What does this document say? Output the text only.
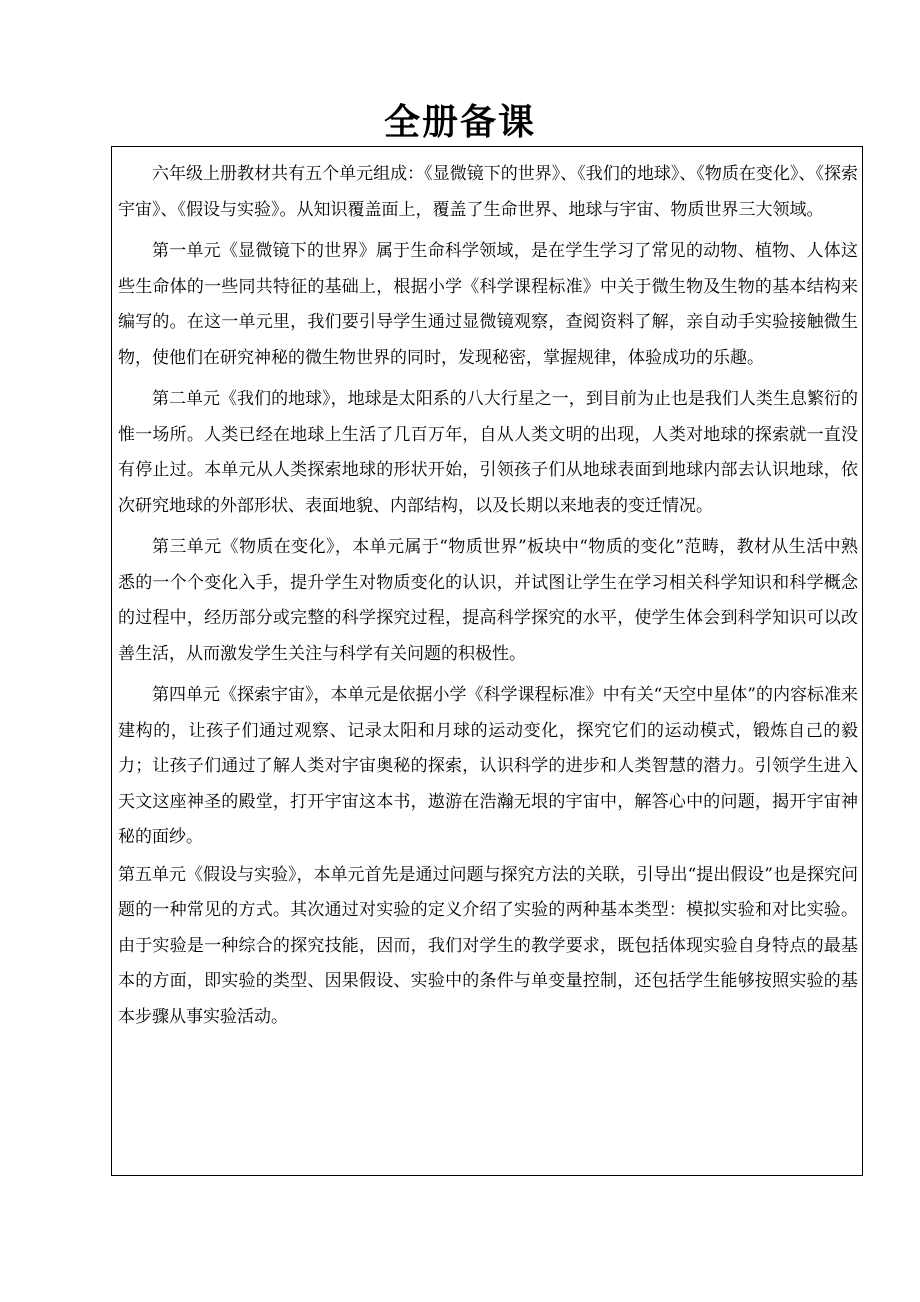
全册备课

六年级上册教材共有五个单元组成：《显微镜下的世界》、《我们的地球》、《物质在变化》、《探索宇宙》、《假设与实验》。从知识覆盖面上，覆盖了生命世界、地球与宇宙、物质世界三大领域。

第一单元《显微镜下的世界》属于生命科学领域，是在学生学习了常见的动物、植物、人体这些生命体的一些同共特征的基础上，根据小学《科学课程标准》中关于微生物及生物的基本结构来编写的。在这一单元里，我们要引导学生通过显微镜观察，查阅资料了解，亲自动手实验接触微生物，使他们在研究神秘的微生物世界的同时，发现秘密，掌握规律，体验成功的乐趣。

第二单元《我们的地球》，地球是太阳系的八大行星之一，到目前为止也是我们人类生息繁衍的惟一场所。人类已经在地球上生活了几百万年，自从人类文明的出现，人类对地球的探索就一直没有停止过。本单元从人类探索地球的形状开始，引领孩子们从地球表面到地球内部去认识地球，依次研究地球的外部形状、表面地貌、内部结构，以及长期以来地表的变迁情况。

第三单元《物质在变化》，本单元属于“物质世界”板块中“物质的变化”范畴，教材从生活中熟悉的一个个变化入手，提升学生对物质变化的认识，并试图让学生在学习相关科学知识和科学概念的过程中，经历部分或完整的科学探究过程，提高科学探究的水平，使学生体会到科学知识可以改善生活，从而激发学生关注与科学有关问题的积极性。

第四单元《探索宇宙》，本单元是依据小学《科学课程标准》中有关“天空中星体”的内容标准来建构的，让孩子们通过观察、记录太阳和月球的运动变化，探究它们的运动模式，锻炼自己的毅力；让孩子们通过了解人类对宇宙奥秘的探索，认识科学的进步和人类智慧的潜力。引领学生进入天文这座神圣的殿堂，打开宇宙这本书，遨游在浩瀚无垠的宇宙中，解答心中的问题，揭开宇宙神秘的面纱。

第五单元《假设与实验》，本单元首先是通过问题与探究方法的关联，引导出“提出假设”也是探究问题的一种常见的方式。其次通过对实验的定义介绍了实验的两种基本类型：模拟实验和对比实验。由于实验是一种综合的探究技能，因而，我们对学生的教学要求，既包括体现实验自身特点的最基本的方面，即实验的类型、因果假设、实验中的条件与单变量控制，还包括学生能够按照实验的基本步骤从事实验活动。
